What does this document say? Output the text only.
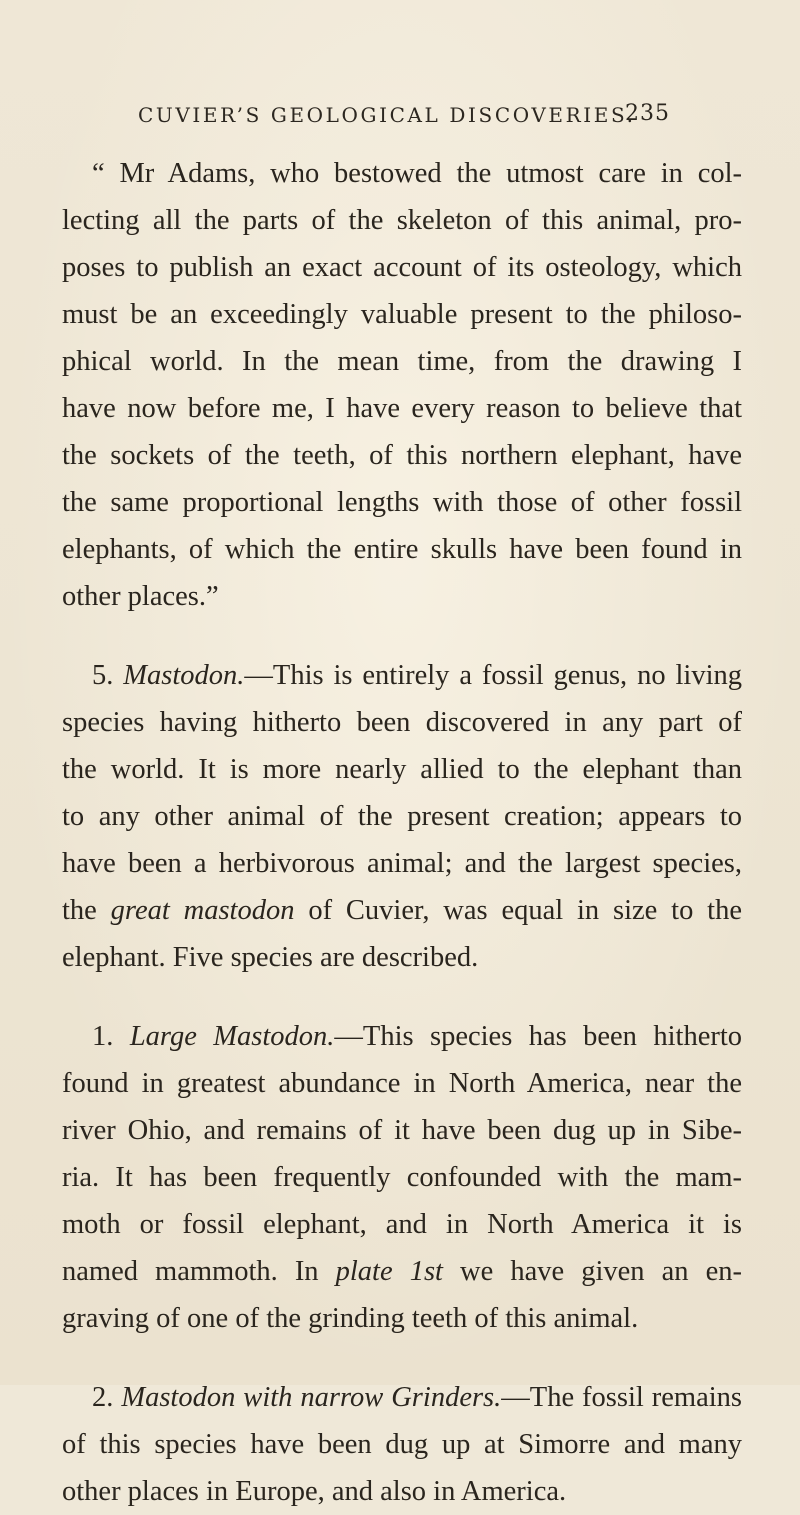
CUVIER’S GEOLOGICAL DISCOVERIES.
235
“ Mr Adams, who bestowed the utmost care in col-
lecting all the parts of the skeleton of this animal, pro-
poses to publish an exact account of its osteology, which
must be an exceedingly valuable present to the philoso-
phical world. In the mean time, from the drawing I
have now before me, I have every reason to believe that
the sockets of the teeth, of this northern elephant, have
the same proportional lengths with those of other fossil
elephants, of which the entire skulls have been found in
other places.”
5. Mastodon.—This is entirely a fossil genus, no living
species having hitherto been discovered in any part of
the world. It is more nearly allied to the elephant than
to any other animal of the present creation; appears to
have been a herbivorous animal; and the largest species,
the great mastodon of Cuvier, was equal in size to the
elephant. Five species are described.
1. Large Mastodon.—This species has been hitherto
found in greatest abundance in North America, near the
river Ohio, and remains of it have been dug up in Sibe-
ria. It has been frequently confounded with the mam-
moth or fossil elephant, and in North America it is
named mammoth. In plate 1st we have given an en-
graving of one of the grinding teeth of this animal.
2. Mastodon with narrow Grinders.—The fossil remains
of this species have been dug up at Simorre and many
other places in Europe, and also in America.
